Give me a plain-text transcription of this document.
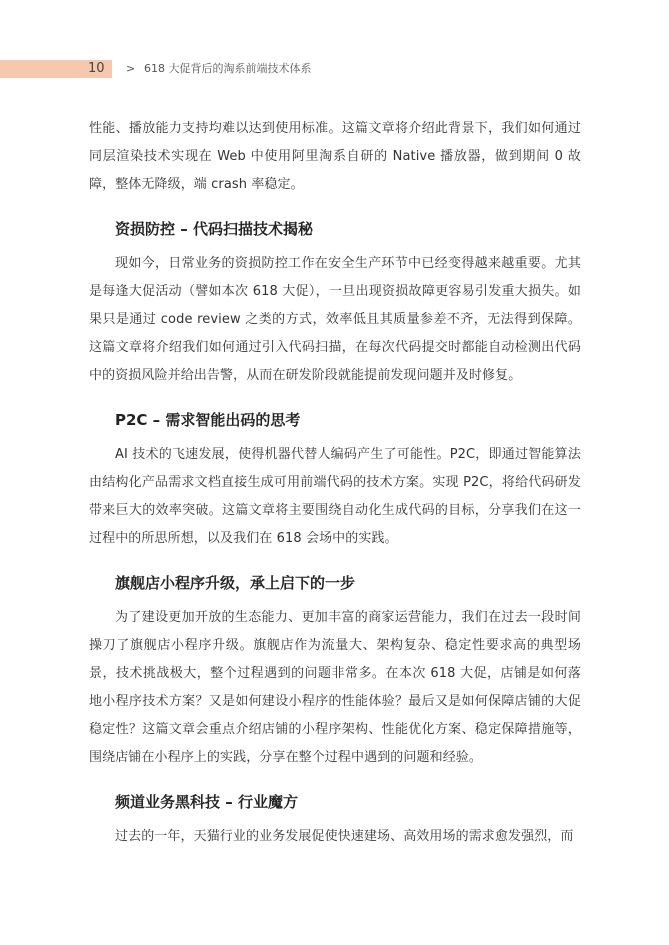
10	> 618 大促背后的淘系前端技术体系

性能、播放能力支持均难以达到使用标准。这篇文章将介绍此背景下，我们如何通过同层渲染技术实现在 Web 中使用阿里淘系自研的 Native 播放器，做到期间 0 故障，整体无降级，端 crash 率稳定。

资损防控 – 代码扫描技术揭秘

现如今，日常业务的资损防控工作在安全生产环节中已经变得越来越重要。尤其是每逢大促活动（譬如本次 618 大促），一旦出现资损故障更容易引发重大损失。如果只是通过 code review 之类的方式，效率低且其质量参差不齐，无法得到保障。这篇文章将介绍我们如何通过引入代码扫描，在每次代码提交时都能自动检测出代码中的资损风险并给出告警，从而在研发阶段就能提前发现问题并及时修复。

P2C – 需求智能出码的思考

AI 技术的飞速发展，使得机器代替人编码产生了可能性。P2C，即通过智能算法由结构化产品需求文档直接生成可用前端代码的技术方案。实现 P2C，将给代码研发带来巨大的效率突破。这篇文章将主要围绕自动化生成代码的目标，分享我们在这一过程中的所思所想，以及我们在 618 会场中的实践。

旗舰店小程序升级，承上启下的一步

为了建设更加开放的生态能力、更加丰富的商家运营能力，我们在过去一段时间操刀了旗舰店小程序升级。旗舰店作为流量大、架构复杂、稳定性要求高的典型场景，技术挑战极大，整个过程遇到的问题非常多。在本次 618 大促，店铺是如何落地小程序技术方案？又是如何建设小程序的性能体验？最后又是如何保障店铺的大促稳定性？这篇文章会重点介绍店铺的小程序架构、性能优化方案、稳定保障措施等，围绕店铺在小程序上的实践，分享在整个过程中遇到的问题和经验。

频道业务黑科技 – 行业魔方

过去的一年，天猫行业的业务发展促使快速建场、高效用场的需求愈发强烈，而
